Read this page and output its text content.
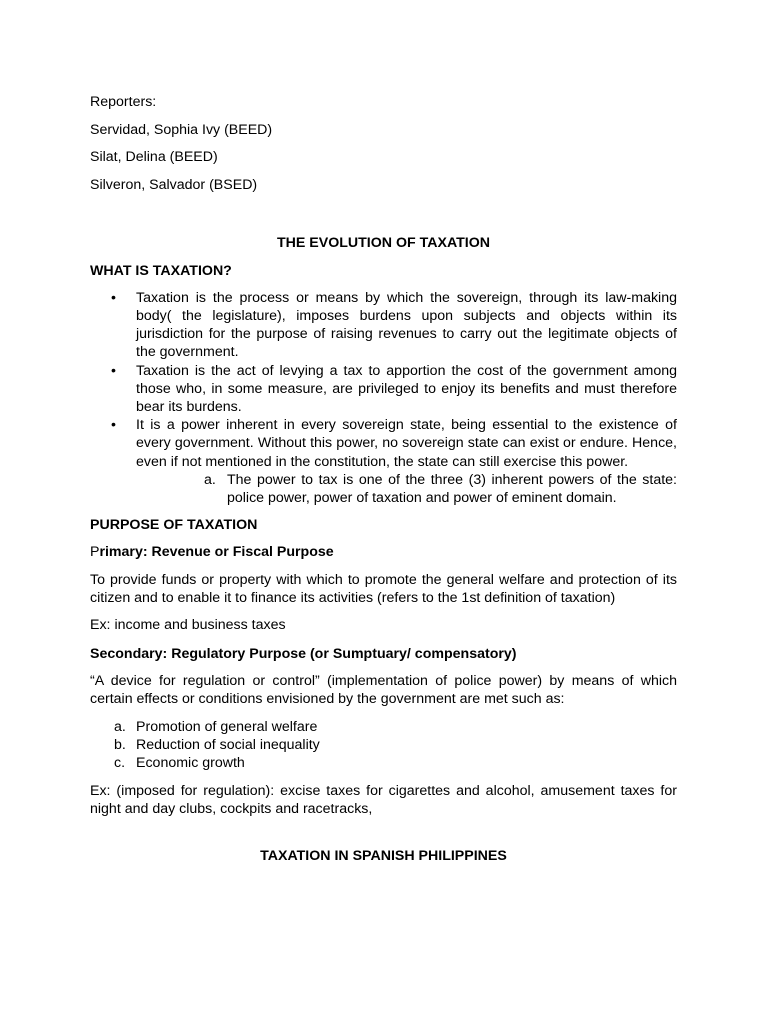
Reporters:

Servidad, Sophia Ivy (BEED)

Silat, Delina (BEED)

Silveron, Salvador (BSED)

THE EVOLUTION OF TAXATION
WHAT IS TAXATION?
• Taxation is the process or means by which the sovereign, through its law-making body( the legislature), imposes burdens upon subjects and objects within its jurisdiction for the purpose of raising revenues to carry out the legitimate objects of the government.
• Taxation is the act of levying a tax to apportion the cost of the government among those who, in some measure, are privileged to enjoy its benefits and must therefore bear its burdens.
• It is a power inherent in every sovereign state, being essential to the existence of every government. Without this power, no sovereign state can exist or endure. Hence, even if not mentioned in the constitution, the state can still exercise this power.
a. The power to tax is one of the three (3) inherent powers of the state: police power, power of taxation and power of eminent domain.
PURPOSE OF TAXATION
Primary: Revenue or Fiscal Purpose

To provide funds or property with which to promote the general welfare and protection of its citizen and to enable it to finance its activities (refers to the 1st definition of taxation)

Ex: income and business taxes

Secondary: Regulatory Purpose (or Sumptuary/ compensatory)

“A device for regulation or control” (implementation of police power) by means of which certain effects or conditions envisioned by the government are met such as:

a. Promotion of general welfare
b. Reduction of social inequality
c. Economic growth

Ex: (imposed for regulation): excise taxes for cigarettes and alcohol, amusement taxes for night and day clubs, cockpits and racetracks,

TAXATION IN SPANISH PHILIPPINES
